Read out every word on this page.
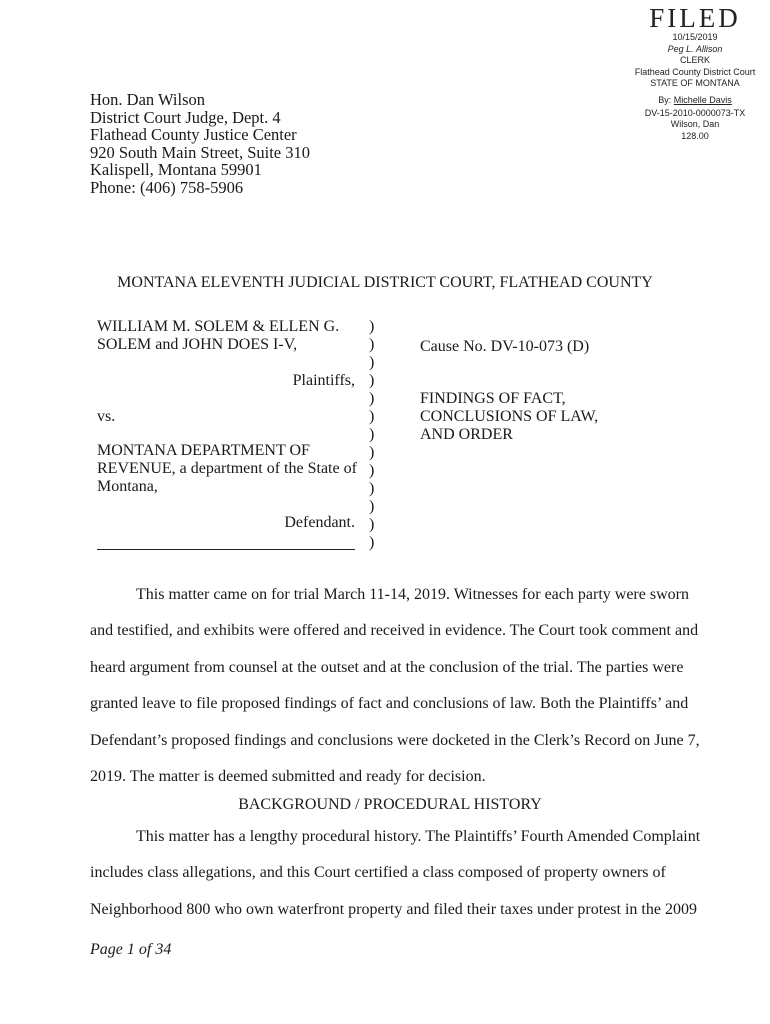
FILED
10/15/2019
Peg L. Allison
CLERK
Flathead County District Court
STATE OF MONTANA
By: Michelle Davis
DV-15-2010-0000073-TX
Wilson, Dan
128.00
Hon. Dan Wilson
District Court Judge, Dept. 4
Flathead County Justice Center
920 South Main Street, Suite 310
Kalispell, Montana 59901
Phone: (406) 758-5906
MONTANA ELEVENTH JUDICIAL DISTRICT COURT, FLATHEAD COUNTY
WILLIAM M. SOLEM & ELLEN G.
SOLEM and JOHN DOES I-V,
Plaintiffs,
vs.
MONTANA DEPARTMENT OF
REVENUE, a department of the State of
Montana,
Defendant.
)
)
)
)
)
)
)
)
)
)
)
)
)
Cause No. DV-10-073 (D)
FINDINGS OF FACT,
CONCLUSIONS OF LAW,
AND ORDER
This matter came on for trial March 11-14, 2019. Witnesses for each party were sworn
and testified, and exhibits were offered and received in evidence. The Court took comment and
heard argument from counsel at the outset and at the conclusion of the trial. The parties were
granted leave to file proposed findings of fact and conclusions of law. Both the Plaintiffs’ and
Defendant’s proposed findings and conclusions were docketed in the Clerk’s Record on June 7,
2019. The matter is deemed submitted and ready for decision.
BACKGROUND / PROCEDURAL HISTORY
This matter has a lengthy procedural history. The Plaintiffs’ Fourth Amended Complaint
includes class allegations, and this Court certified a class composed of property owners of
Neighborhood 800 who own waterfront property and filed their taxes under protest in the 2009
Page 1 of 34
